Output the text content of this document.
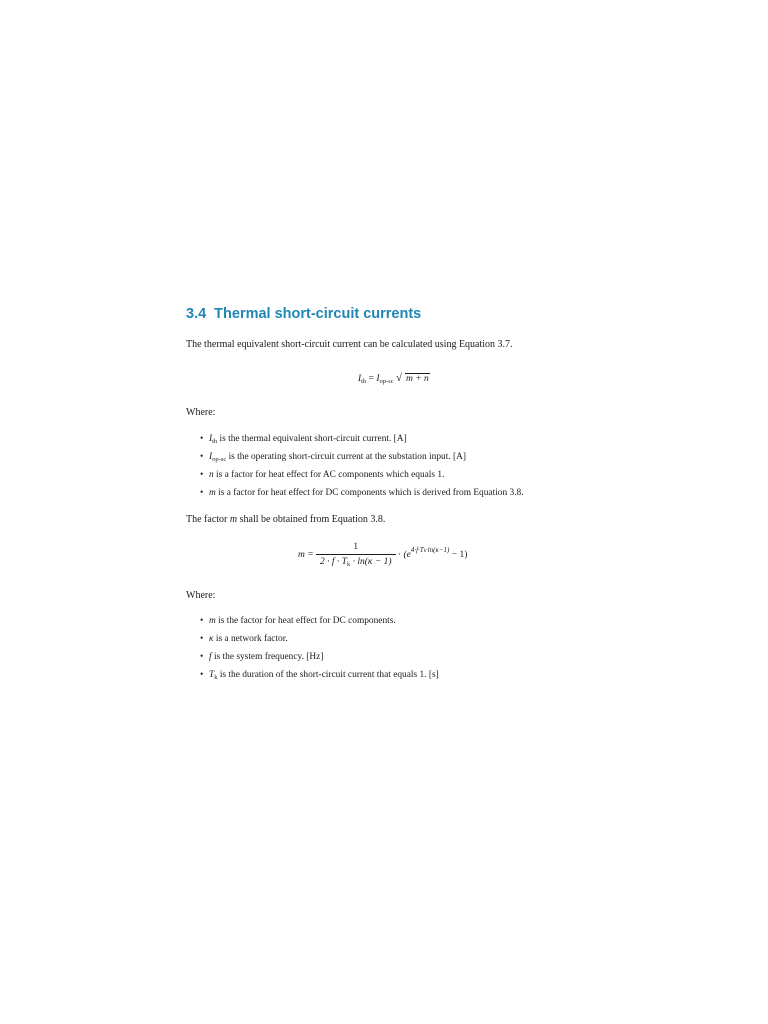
3.4 Thermal short-circuit currents
The thermal equivalent short-circuit current can be calculated using Equation 3.7.
$I_{th} = I_{op-sc}$ √ m + n
Where:
• $I_{th}$ is the thermal equivalent short-circuit current. [A]
• $I_{op-sc}$ is the operating short-circuit current at the substation input. [A]
• n is a factor for heat effect for AC components which equals 1.
• m is a factor for heat effect for DC components which is derived from Equation 3.8.
The factor m shall be obtained from Equation 3.8.
$m = \frac{1}{2 \cdot f \cdot T_k \cdot \ln(\kappa - 1)} \cdot (e^{4\cdot f\cdot Tk\cdot ln(\kappa-1)} - 1)$
Where:
• m is the factor for heat effect for DC components.
• κ is a network factor.
• f is the system frequency. [Hz]
• $T_k$ is the duration of the short-circuit current that equals 1. [s]
